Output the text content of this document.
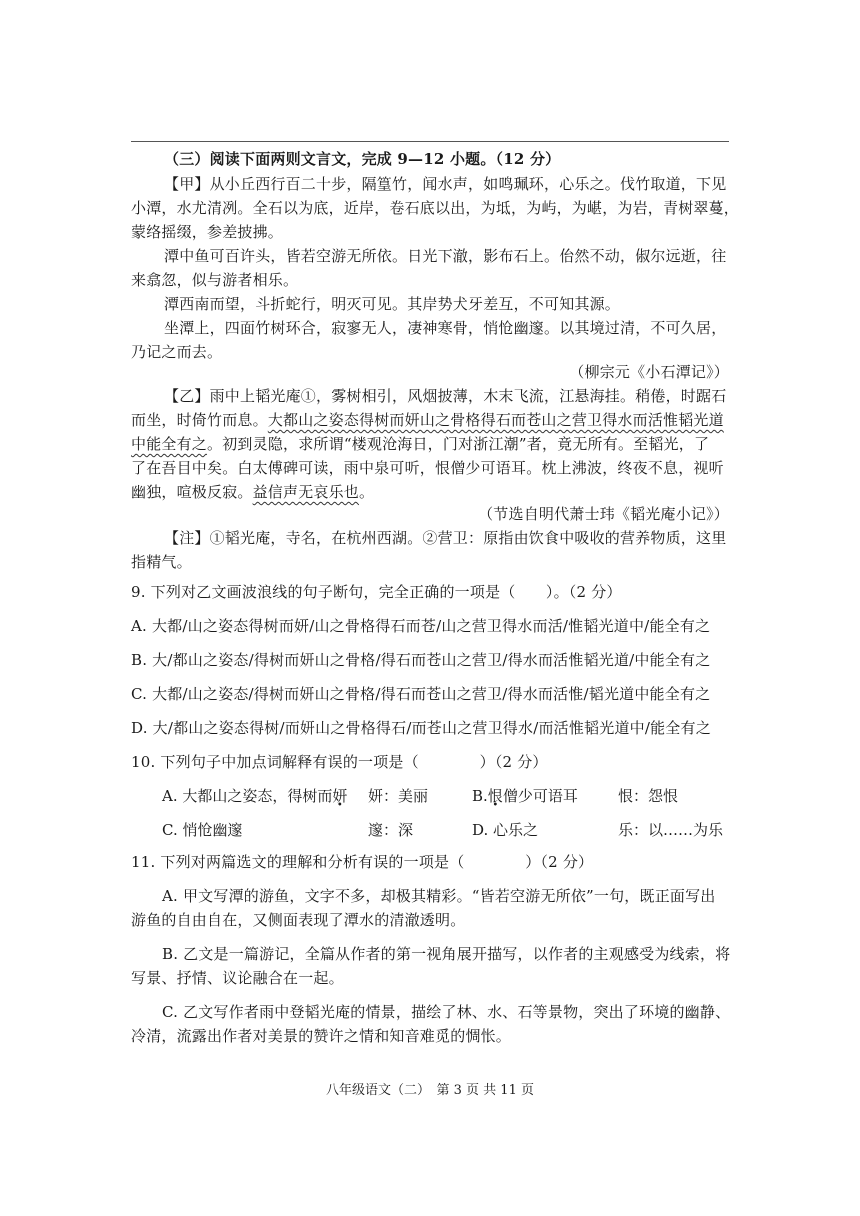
（三）阅读下面两则文言文，完成 9—12 小题。（12 分）
【甲】从小丘西行百二十步，隔篁竹，闻水声，如鸣珮环，心乐之。伐竹取道，下见
小潭，水尤清冽。全石以为底，近岸，卷石底以出，为坻，为屿，为嵁，为岩，青树翠蔓，
蒙络摇缀，参差披拂。
潭中鱼可百许头，皆若空游无所依。日光下澈，影布石上。佁然不动，俶尔远逝，往
来翕忽，似与游者相乐。
潭西南而望，斗折蛇行，明灭可见。其岸势犬牙差互，不可知其源。
坐潭上，四面竹树环合，寂寥无人，凄神寒骨，悄怆幽邃。以其境过清，不可久居，
乃记之而去。
（柳宗元《小石潭记》）
【乙】雨中上韬光庵①，雾树相引，风烟披薄，木末飞流，江悬海挂。稍倦，时踞石
而坐，时倚竹而息。大都山之姿态得树而妍山之骨格得石而苍山之营卫得水而活惟韬光道
中能全有之。初到灵隐，求所谓“楼观沧海日，门对浙江潮”者，竟无所有。至韬光，了
了在吾目中矣。白太傅碑可读，雨中泉可听，恨僧少可语耳。枕上沸波，终夜不息，视听
幽独，喧极反寂。益信声无哀乐也。
（节选自明代萧士玮《韬光庵小记》）
【注】①韬光庵，寺名，在杭州西湖。②营卫：原指由饮食中吸收的营养物质，这里
指精气。
9. 下列对乙文画波浪线的句子断句，完全正确的一项是（　　）。（2 分）
A. 大都/山之姿态得树而妍/山之骨格得石而苍/山之营卫得水而活/惟韬光道中/能全有之
B. 大/都山之姿态/得树而妍山之骨格/得石而苍山之营卫/得水而活惟韬光道/中能全有之
C. 大都/山之姿态/得树而妍山之骨格/得石而苍山之营卫/得水而活惟/韬光道中能全有之
D. 大/都山之姿态得树/而妍山之骨格得石/而苍山之营卫得水/而活惟韬光道中/能全有之
10. 下列句子中加点词解释有误的一项是（　　　　）（2 分）
A. 大都山之姿态，得树而妍 妍：美丽	B.恨僧少可语耳	恨：怨恨
C. 悄怆幽邃	邃：深	D. 心乐之	乐：以……为乐
11. 下列对两篇选文的理解和分析有误的一项是（　　　　）（2 分）
A. 甲文写潭的游鱼，文字不多，却极其精彩。“皆若空游无所依”一句，既正面写出
游鱼的自由自在，又侧面表现了潭水的清澈透明。
B. 乙文是一篇游记，全篇从作者的第一视角展开描写，以作者的主观感受为线索，将
写景、抒情、议论融合在一起。
C. 乙文写作者雨中登韬光庵的情景，描绘了林、水、石等景物，突出了环境的幽静、
冷清，流露出作者对美景的赞许之情和知音难觅的惆怅。
八年级语文（二）　第 3 页 共 11 页
